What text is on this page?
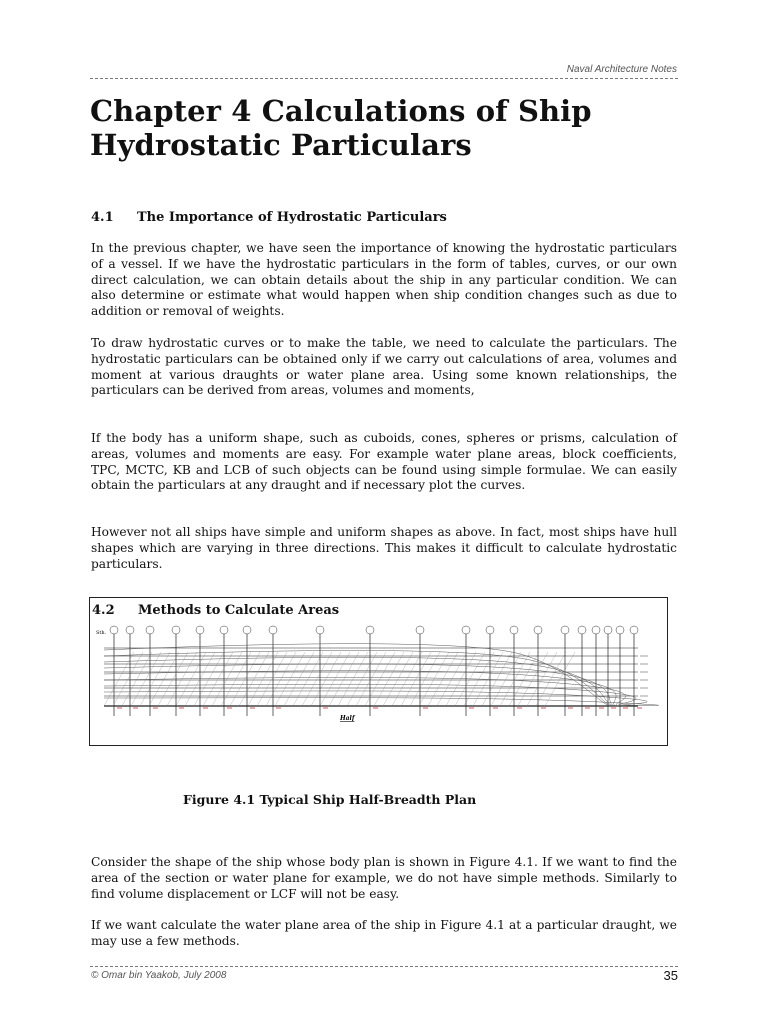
Naval Architecture Notes
Chapter 4 Calculations of Ship
Hydrostatic Particulars

4.1 The Importance of Hydrostatic Particulars

In the previous chapter, we have seen the importance of knowing the hydrostatic particulars of a vessel. If we have the hydrostatic particulars in the form of tables, curves, or our own direct calculation, we can obtain details about the ship in any particular condition. We can also determine or estimate what would happen when ship condition changes such as due to addition or removal of weights.

To draw hydrostatic curves or to make the table, we need to calculate the particulars. The hydrostatic particulars can be obtained only if we carry out calculations of area, volumes and moment at various draughts or water plane area. Using some known relationships, the particulars can be derived from areas, volumes and moments,

If the body has a uniform shape, such as cuboids, cones, spheres or prisms, calculation of areas, volumes and moments are easy. For example water plane areas, block coefficients, TPC, MCTC, KB and LCB of such objects can be found using simple formulae. We can easily obtain the particulars at any draught and if necessary plot the curves.

However not all ships have simple and uniform shapes as above. In fact, most ships have hull shapes which are varying in three directions. This makes it difficult to calculate hydrostatic particulars.

4.2 Methods to Calculate Areas

Sth.
Half

Figure 4.1 Typical Ship Half-Breadth Plan

Consider the shape of the ship whose body plan is shown in Figure 4.1. If we want to find the area of the section or water plane for example, we do not have simple methods. Similarly to find volume displacement or LCF will not be easy.

If we want calculate the water plane area of the ship in Figure 4.1 at a particular draught, we may use a few methods.

© Omar bin Yaakob, July 2008	35
